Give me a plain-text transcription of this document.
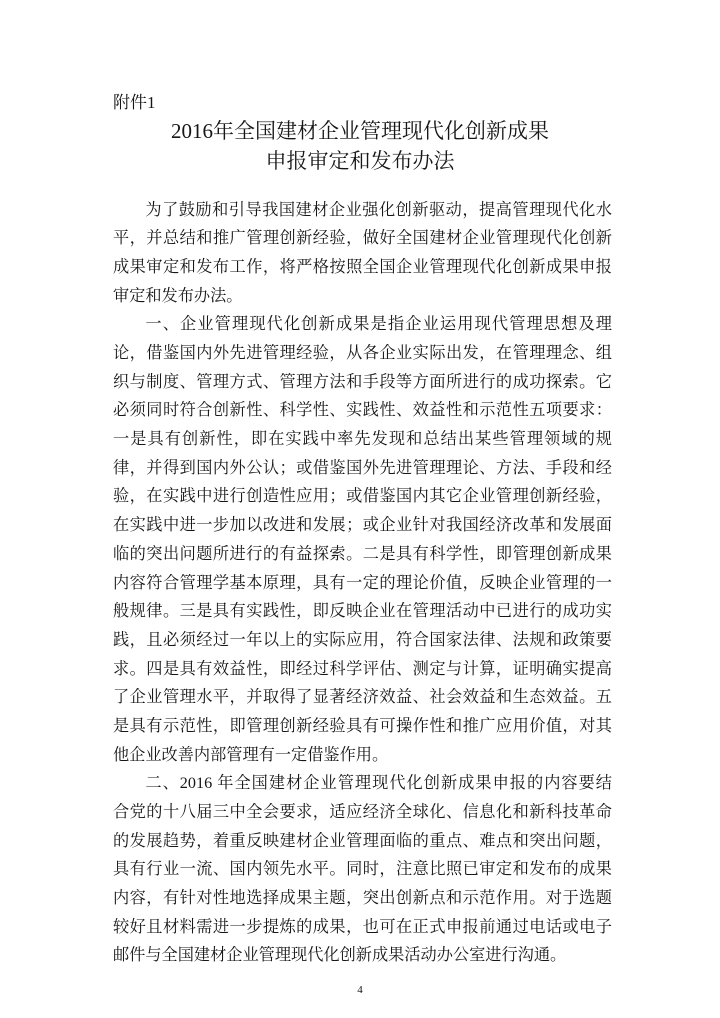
附件1
2016年全国建材企业管理现代化创新成果
申报审定和发布办法
为了鼓励和引导我国建材企业强化创新驱动，提高管理现代化水
平，并总结和推广管理创新经验，做好全国建材企业管理现代化创新
成果审定和发布工作，将严格按照全国企业管理现代化创新成果申报
审定和发布办法。
一、企业管理现代化创新成果是指企业运用现代管理思想及理
论，借鉴国内外先进管理经验，从各企业实际出发，在管理理念、组
织与制度、管理方式、管理方法和手段等方面所进行的成功探索。它
必须同时符合创新性、科学性、实践性、效益性和示范性五项要求：
一是具有创新性，即在实践中率先发现和总结出某些管理领域的规
律，并得到国内外公认；或借鉴国外先进管理理论、方法、手段和经
验，在实践中进行创造性应用；或借鉴国内其它企业管理创新经验，
在实践中进一步加以改进和发展；或企业针对我国经济改革和发展面
临的突出问题所进行的有益探索。二是具有科学性，即管理创新成果
内容符合管理学基本原理，具有一定的理论价值，反映企业管理的一
般规律。三是具有实践性，即反映企业在管理活动中已进行的成功实
践，且必须经过一年以上的实际应用，符合国家法律、法规和政策要
求。四是具有效益性，即经过科学评估、测定与计算，证明确实提高
了企业管理水平，并取得了显著经济效益、社会效益和生态效益。五
是具有示范性，即管理创新经验具有可操作性和推广应用价值，对其
他企业改善内部管理有一定借鉴作用。
二、2016 年全国建材企业管理现代化创新成果申报的内容要结
合党的十八届三中全会要求，适应经济全球化、信息化和新科技革命
的发展趋势，着重反映建材企业管理面临的重点、难点和突出问题，
具有行业一流、国内领先水平。同时，注意比照已审定和发布的成果
内容，有针对性地选择成果主题，突出创新点和示范作用。对于选题
较好且材料需进一步提炼的成果，也可在正式申报前通过电话或电子
邮件与全国建材企业管理现代化创新成果活动办公室进行沟通。
4
